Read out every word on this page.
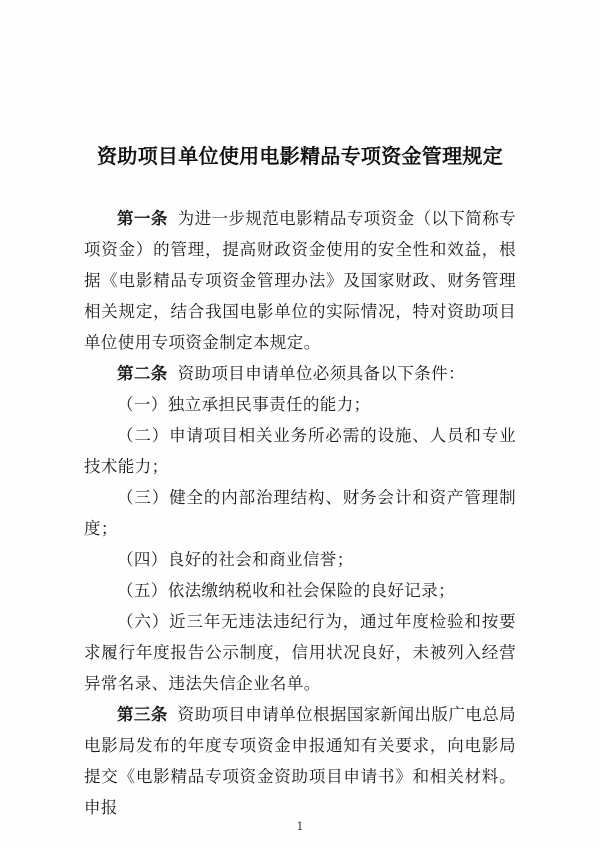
资助项目单位使用电影精品专项资金管理规定

第一条 为进一步规范电影精品专项资金（以下简称专项资金）的管理，提高财政资金使用的安全性和效益，根据《电影精品专项资金管理办法》及国家财政、财务管理相关规定，结合我国电影单位的实际情况，特对资助项目单位使用专项资金制定本规定。

第二条 资助项目申请单位必须具备以下条件：

（一）独立承担民事责任的能力；

（二）申请项目相关业务所必需的设施、人员和专业技术能力；

（三）健全的内部治理结构、财务会计和资产管理制度；

（四）良好的社会和商业信誉；

（五）依法缴纳税收和社会保险的良好记录；

（六）近三年无违法违纪行为，通过年度检验和按要求履行年度报告公示制度，信用状况良好，未被列入经营异常名录、违法失信企业名单。

第三条 资助项目申请单位根据国家新闻出版广电总局电影局发布的年度专项资金申报通知有关要求，向电影局提交《电影精品专项资金资助项目申请书》和相关材料。申报

1
